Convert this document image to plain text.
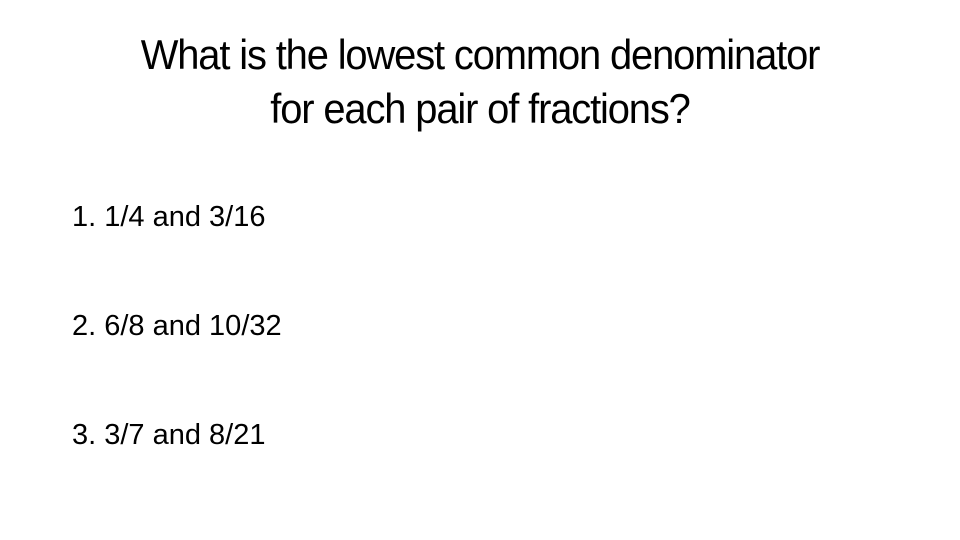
What is the lowest common denominator
for each pair of fractions?
1. 1/4 and 3/16
2. 6/8 and 10/32
3. 3/7 and 8/21
